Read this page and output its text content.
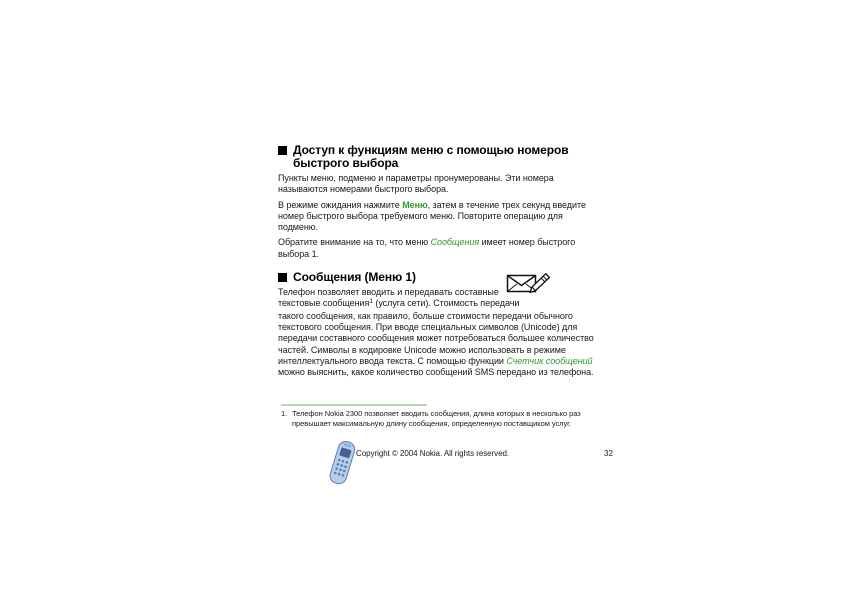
Доступ к функциям меню с помощью номеров
быстрого выбора
Пункты меню, подменю и параметры пронумерованы. Эти номера
называются номерами быстрого выбора.
В режиме ожидания нажмите Меню, затем в течение трех секунд введите
номер быстрого выбора требуемого меню. Повторите операцию для
подменю.
Обратите внимание на то, что меню Сообщения имеет номер быстрого
выбора 1.
Сообщения (Меню 1)
Телефон позволяет вводить и передавать составные
текстовые сообщения$^1$ (услуга сети). Стоимость передачи
такого сообщения, как правило, больше стоимости передачи обычного
текстового сообщения. При вводе специальных символов (Unicode) для
передачи составного сообщения может потребоваться большее количество
частей. Символы в кодировке Unicode можно использовать в режиме
интеллектуального ввода текста. С помощью функции Счетчик сообщений
можно выяснить, какое количество сообщений SMS передано из телефона.
1. Телефон Nokia 2300 позволяет вводить сообщения, длина которых в несколько раз
превышает максимальную длину сообщения, определенную поставщиком услуг.
Copyright © 2004 Nokia. All rights reserved.	32
